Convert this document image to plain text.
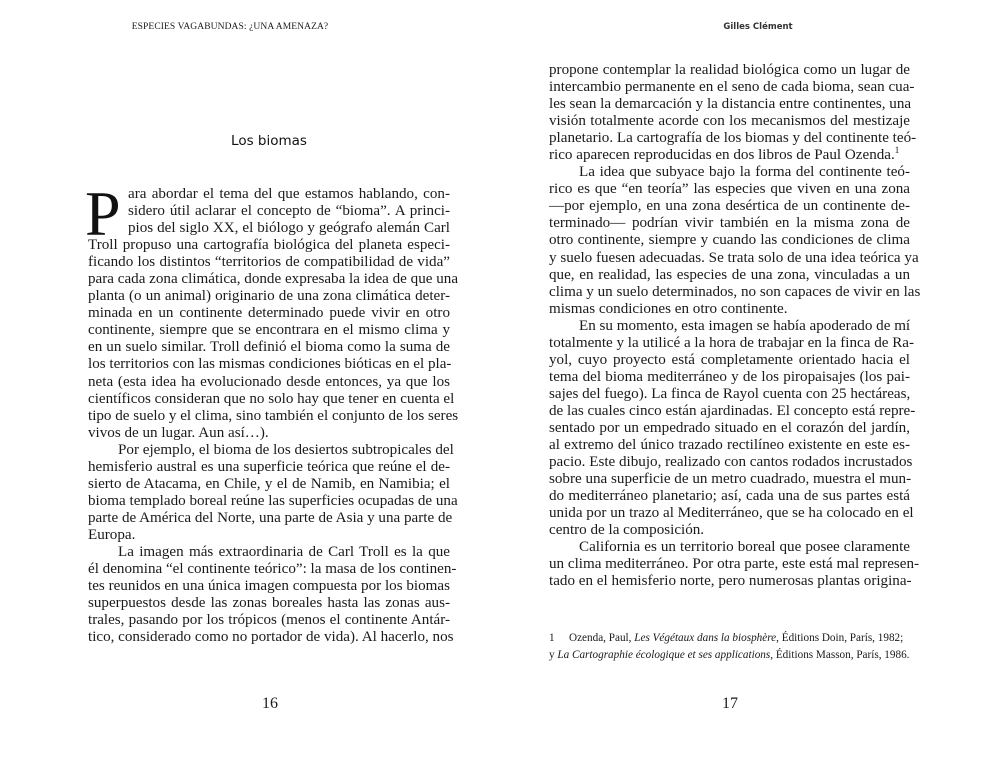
ESPECIES VAGABUNDAS: ¿UNA AMENAZA?
Los biomas
P ara abordar el tema del que estamos hablando, con-
sidero útil aclarar el concepto de “bioma”. A princi-
pios del siglo XX, el biólogo y geógrafo alemán Carl
Troll propuso una cartografía biológica del planeta especi-
ficando los distintos “territorios de compatibilidad de vida”
para cada zona climática, donde expresaba la idea de que una
planta (o un animal) originario de una zona climática deter-
minada en un continente determinado puede vivir en otro
continente, siempre que se encontrara en el mismo clima y
en un suelo similar. Troll definió el bioma como la suma de
los territorios con las mismas condiciones bióticas en el pla-
neta (esta idea ha evolucionado desde entonces, ya que los
científicos consideran que no solo hay que tener en cuenta el
tipo de suelo y el clima, sino también el conjunto de los seres
vivos de un lugar. Aun así…).
Por ejemplo, el bioma de los desiertos subtropicales del
hemisferio austral es una superficie teórica que reúne el de-
sierto de Atacama, en Chile, y el de Namib, en Namibia; el
bioma templado boreal reúne las superficies ocupadas de una
parte de América del Norte, una parte de Asia y una parte de
Europa.
La imagen más extraordinaria de Carl Troll es la que
él denomina “el continente teórico”: la masa de los continen-
tes reunidos en una única imagen compuesta por los biomas
superpuestos desde las zonas boreales hasta las zonas aus-
trales, pasando por los trópicos (menos el continente Antár-
tico, considerado como no portador de vida). Al hacerlo, nos
16
Gilles Clément
propone contemplar la realidad biológica como un lugar de
intercambio permanente en el seno de cada bioma, sean cua-
les sean la demarcación y la distancia entre continentes, una
visión totalmente acorde con los mecanismos del mestizaje
planetario. La cartografía de los biomas y del continente teó-
rico aparecen reproducidas en dos libros de Paul Ozenda.$^1$
La idea que subyace bajo la forma del continente teó-
rico es que “en teoría” las especies que viven en una zona
—por ejemplo, en una zona desértica de un continente de-
terminado— podrían vivir también en la misma zona de
otro continente, siempre y cuando las condiciones de clima
y suelo fuesen adecuadas. Se trata solo de una idea teórica ya
que, en realidad, las especies de una zona, vinculadas a un
clima y un suelo determinados, no son capaces de vivir en las
mismas condiciones en otro continente.
En su momento, esta imagen se había apoderado de mí
totalmente y la utilicé a la hora de trabajar en la finca de Ra-
yol, cuyo proyecto está completamente orientado hacia el
tema del bioma mediterráneo y de los piropaisajes (los pai-
sajes del fuego). La finca de Rayol cuenta con 25 hectáreas,
de las cuales cinco están ajardinadas. El concepto está repre-
sentado por un empedrado situado en el corazón del jardín,
al extremo del único trazado rectilíneo existente en este es-
pacio. Este dibujo, realizado con cantos rodados incrustados
sobre una superficie de un metro cuadrado, muestra el mun-
do mediterráneo planetario; así, cada una de sus partes está
unida por un trazo al Mediterráneo, que se ha colocado en el
centro de la composición.
California es un territorio boreal que posee claramente
un clima mediterráneo. Por otra parte, este está mal represen-
tado en el hemisferio norte, pero numerosas plantas origina-
1 Ozenda, Paul, Les Végétaux dans la biosphère, Éditions Doin, París, 1982;
y La Cartographie écologique et ses applications, Éditions Masson, París, 1986.
17
